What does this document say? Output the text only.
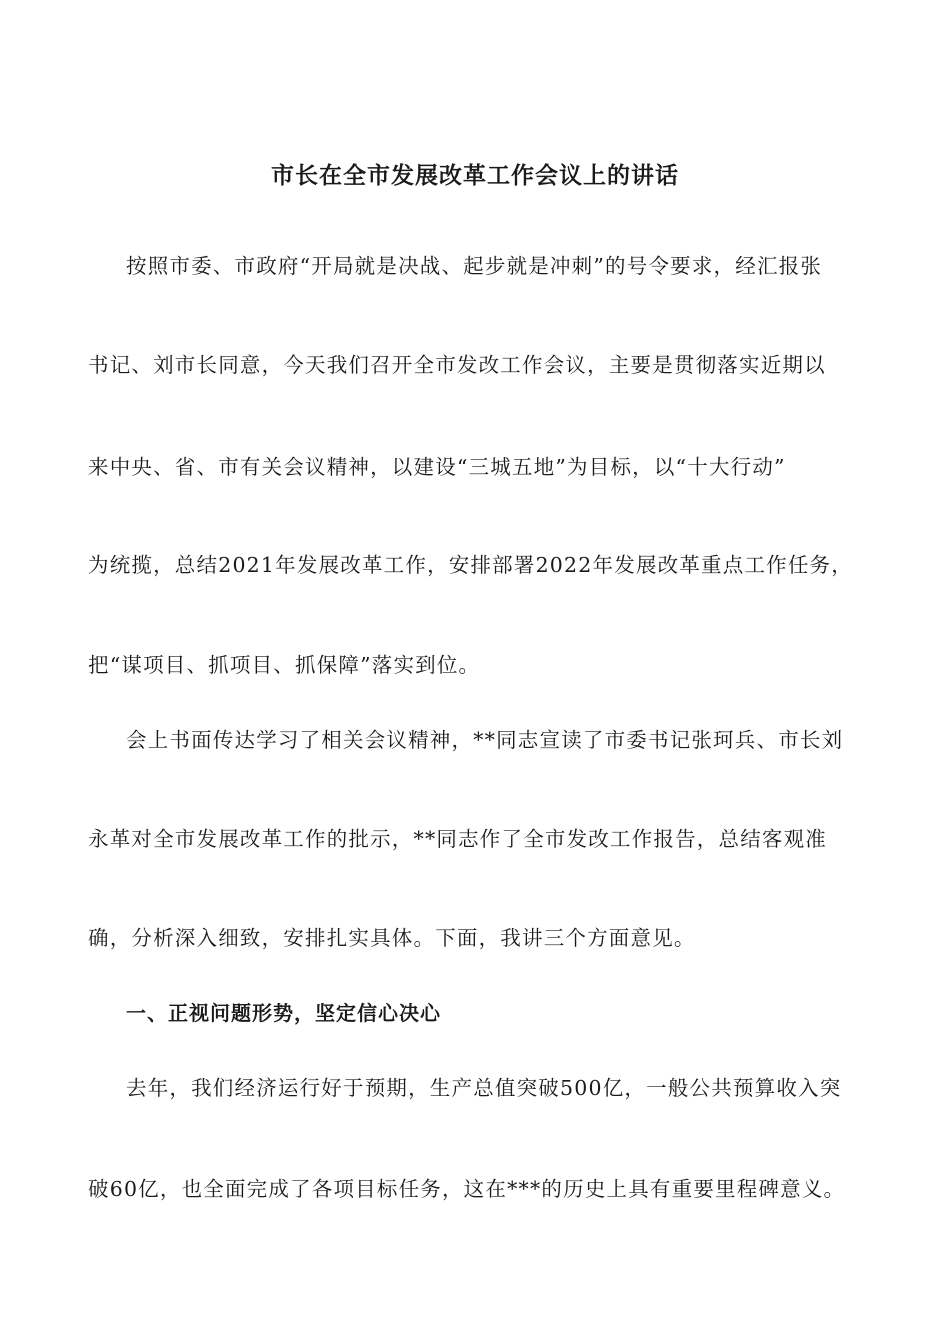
市长在全市发展改革工作会议上的讲话

按照市委、市政府“开局就是决战、起步就是冲刺”的号令要求，经汇报张

书记、刘市长同意，今天我们召开全市发改工作会议，主要是贯彻落实近期以

来中央、省、市有关会议精神，以建设“三城五地”为目标，以“十大行动”

为统揽，总结2021年发展改革工作，安排部署2022年发展改革重点工作任务，

把“谋项目、抓项目、抓保障”落实到位。

会上书面传达学习了相关会议精神，**同志宣读了市委书记张珂兵、市长刘

永革对全市发展改革工作的批示，**同志作了全市发改工作报告，总结客观准

确，分析深入细致，安排扎实具体。下面，我讲三个方面意见。

一、正视问题形势，坚定信心决心

去年，我们经济运行好于预期，生产总值突破500亿，一般公共预算收入突

破60亿，也全面完成了各项目标任务，这在***的历史上具有重要里程碑意义。
